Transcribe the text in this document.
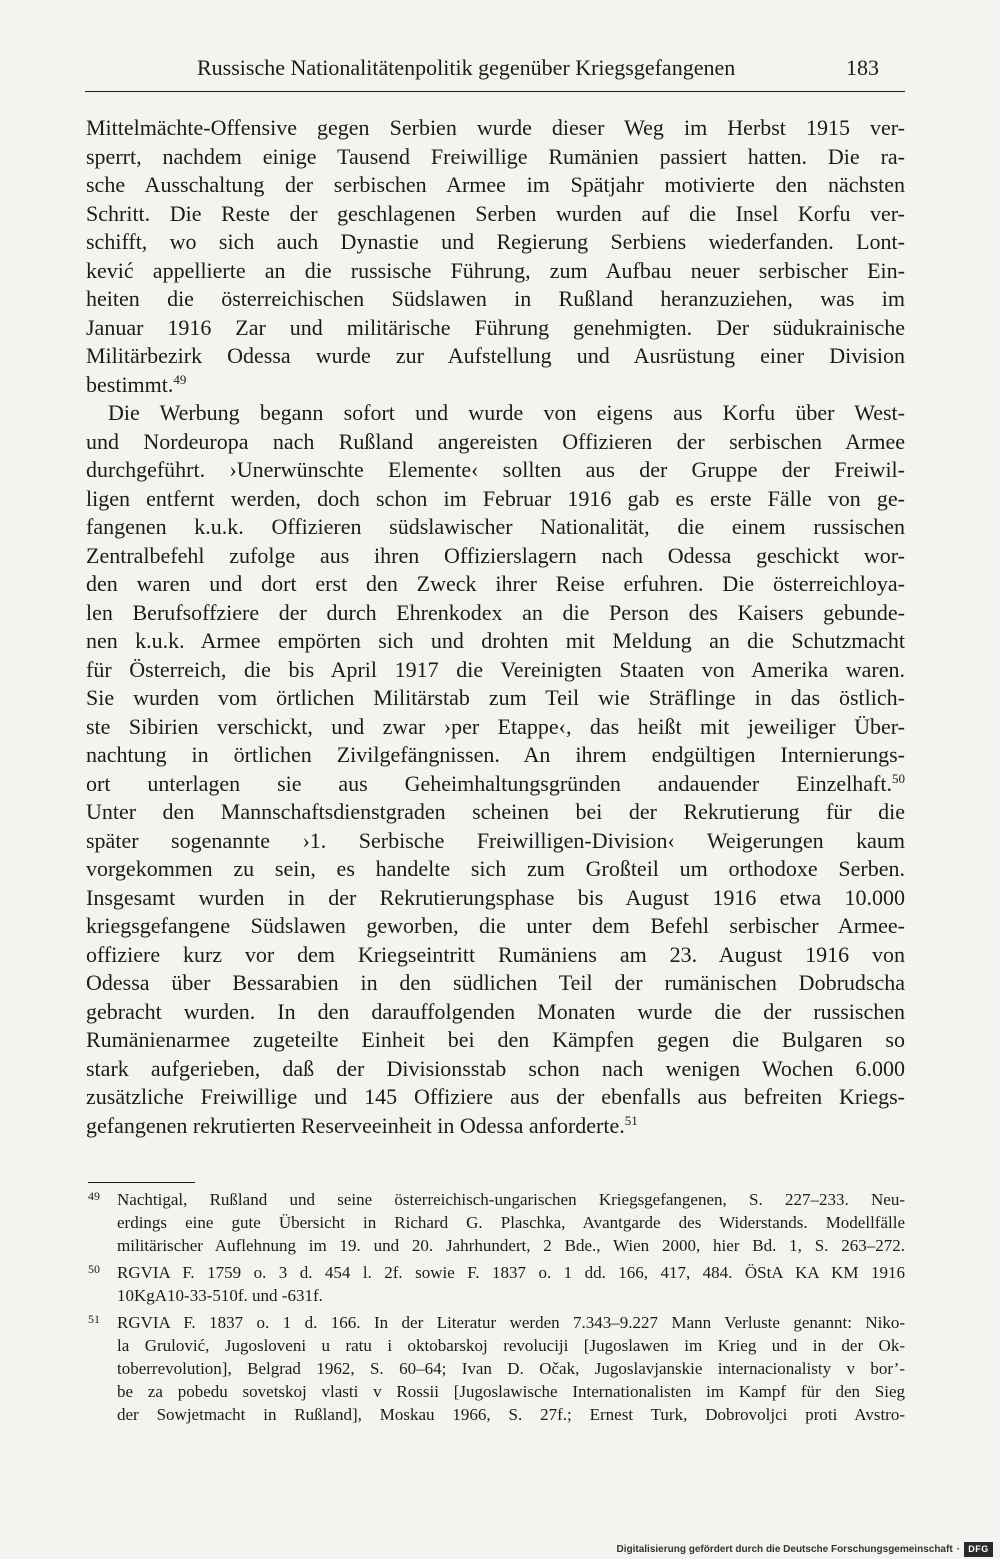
Russische Nationalitätenpolitik gegenüber Kriegsgefangenen	183
Mittelmächte-Offensive gegen Serbien wurde dieser Weg im Herbst 1915 ver-
sperrt, nachdem einige Tausend Freiwillige Rumänien passiert hatten. Die ra-
sche Ausschaltung der serbischen Armee im Spätjahr motivierte den nächsten
Schritt. Die Reste der geschlagenen Serben wurden auf die Insel Korfu ver-
schifft, wo sich auch Dynastie und Regierung Serbiens wiederfanden. Lont-
kević appellierte an die russische Führung, zum Aufbau neuer serbischer Ein-
heiten die österreichischen Südslawen in Rußland heranzuziehen, was im
Januar 1916 Zar und militärische Führung genehmigten. Der südukrainische
Militärbezirk Odessa wurde zur Aufstellung und Ausrüstung einer Division
bestimmt.$^{49}$
Die Werbung begann sofort und wurde von eigens aus Korfu über West-
und Nordeuropa nach Rußland angereisten Offizieren der serbischen Armee
durchgeführt. ›Unerwünschte Elemente‹ sollten aus der Gruppe der Freiwil-
ligen entfernt werden, doch schon im Februar 1916 gab es erste Fälle von ge-
fangenen k.u.k. Offizieren südslawischer Nationalität, die einem russischen
Zentralbefehl zufolge aus ihren Offizierslagern nach Odessa geschickt wor-
den waren und dort erst den Zweck ihrer Reise erfuhren. Die österreichloya-
len Berufsoffziere der durch Ehrenkodex an die Person des Kaisers gebunde-
nen k.u.k. Armee empörten sich und drohten mit Meldung an die Schutzmacht
für Österreich, die bis April 1917 die Vereinigten Staaten von Amerika waren.
Sie wurden vom örtlichen Militärstab zum Teil wie Sträflinge in das östlich-
ste Sibirien verschickt, und zwar ›per Etappe‹, das heißt mit jeweiliger Über-
nachtung in örtlichen Zivilgefängnissen. An ihrem endgültigen Internierungs-
ort unterlagen sie aus Geheimhaltungsgründen andauender Einzelhaft.$^{50}$
Unter den Mannschaftsdienstgraden scheinen bei der Rekrutierung für die
später sogenannte ›1. Serbische Freiwilligen-Division‹ Weigerungen kaum
vorgekommen zu sein, es handelte sich zum Großteil um orthodoxe Serben.
Insgesamt wurden in der Rekrutierungsphase bis August 1916 etwa 10.000
kriegsgefangene Südslawen geworben, die unter dem Befehl serbischer Armee-
offiziere kurz vor dem Kriegseintritt Rumäniens am 23. August 1916 von
Odessa über Bessarabien in den südlichen Teil der rumänischen Dobrudscha
gebracht wurden. In den darauffolgenden Monaten wurde die der russischen
Rumänienarmee zugeteilte Einheit bei den Kämpfen gegen die Bulgaren so
stark aufgerieben, daß der Divisionsstab schon nach wenigen Wochen 6.000
zusätzliche Freiwillige und 145 Offiziere aus der ebenfalls aus befreiten Kriegs-
gefangenen rekrutierten Reserveeinheit in Odessa anforderte.$^{51}$
49 Nachtigal, Rußland und seine österreichisch-ungarischen Kriegsgefangenen, S. 227–233. Neu-
erdings eine gute Übersicht in Richard G. Plaschka, Avantgarde des Widerstands. Modellfälle
militärischer Auflehnung im 19. und 20. Jahrhundert, 2 Bde., Wien 2000, hier Bd. 1, S. 263–272.
50 RGVIA F. 1759 o. 3 d. 454 l. 2f. sowie F. 1837 o. 1 dd. 166, 417, 484. ÖStA KA KM 1916
10KgA10-33-510f. und -631f.
51 RGVIA F. 1837 o. 1 d. 166. In der Literatur werden 7.343–9.227 Mann Verluste genannt: Niko-
la Grulović, Jugosloveni u ratu i oktobarskoj revoluciji [Jugoslawen im Krieg und in der Ok-
toberrevolution], Belgrad 1962, S. 60–64; Ivan D. Očak, Jugoslavjanskie internacionalisty v bor’-
be za pobedu sovetskoj vlasti v Rossii [Jugoslawische Internationalisten im Kampf für den Sieg
der Sowjetmacht in Rußland], Moskau 1966, S. 27f.; Ernest Turk, Dobrovoljci proti Avstro-
Digitalisierung gefördert durch die Deutsche Forschungsgemeinschaft · DFG
